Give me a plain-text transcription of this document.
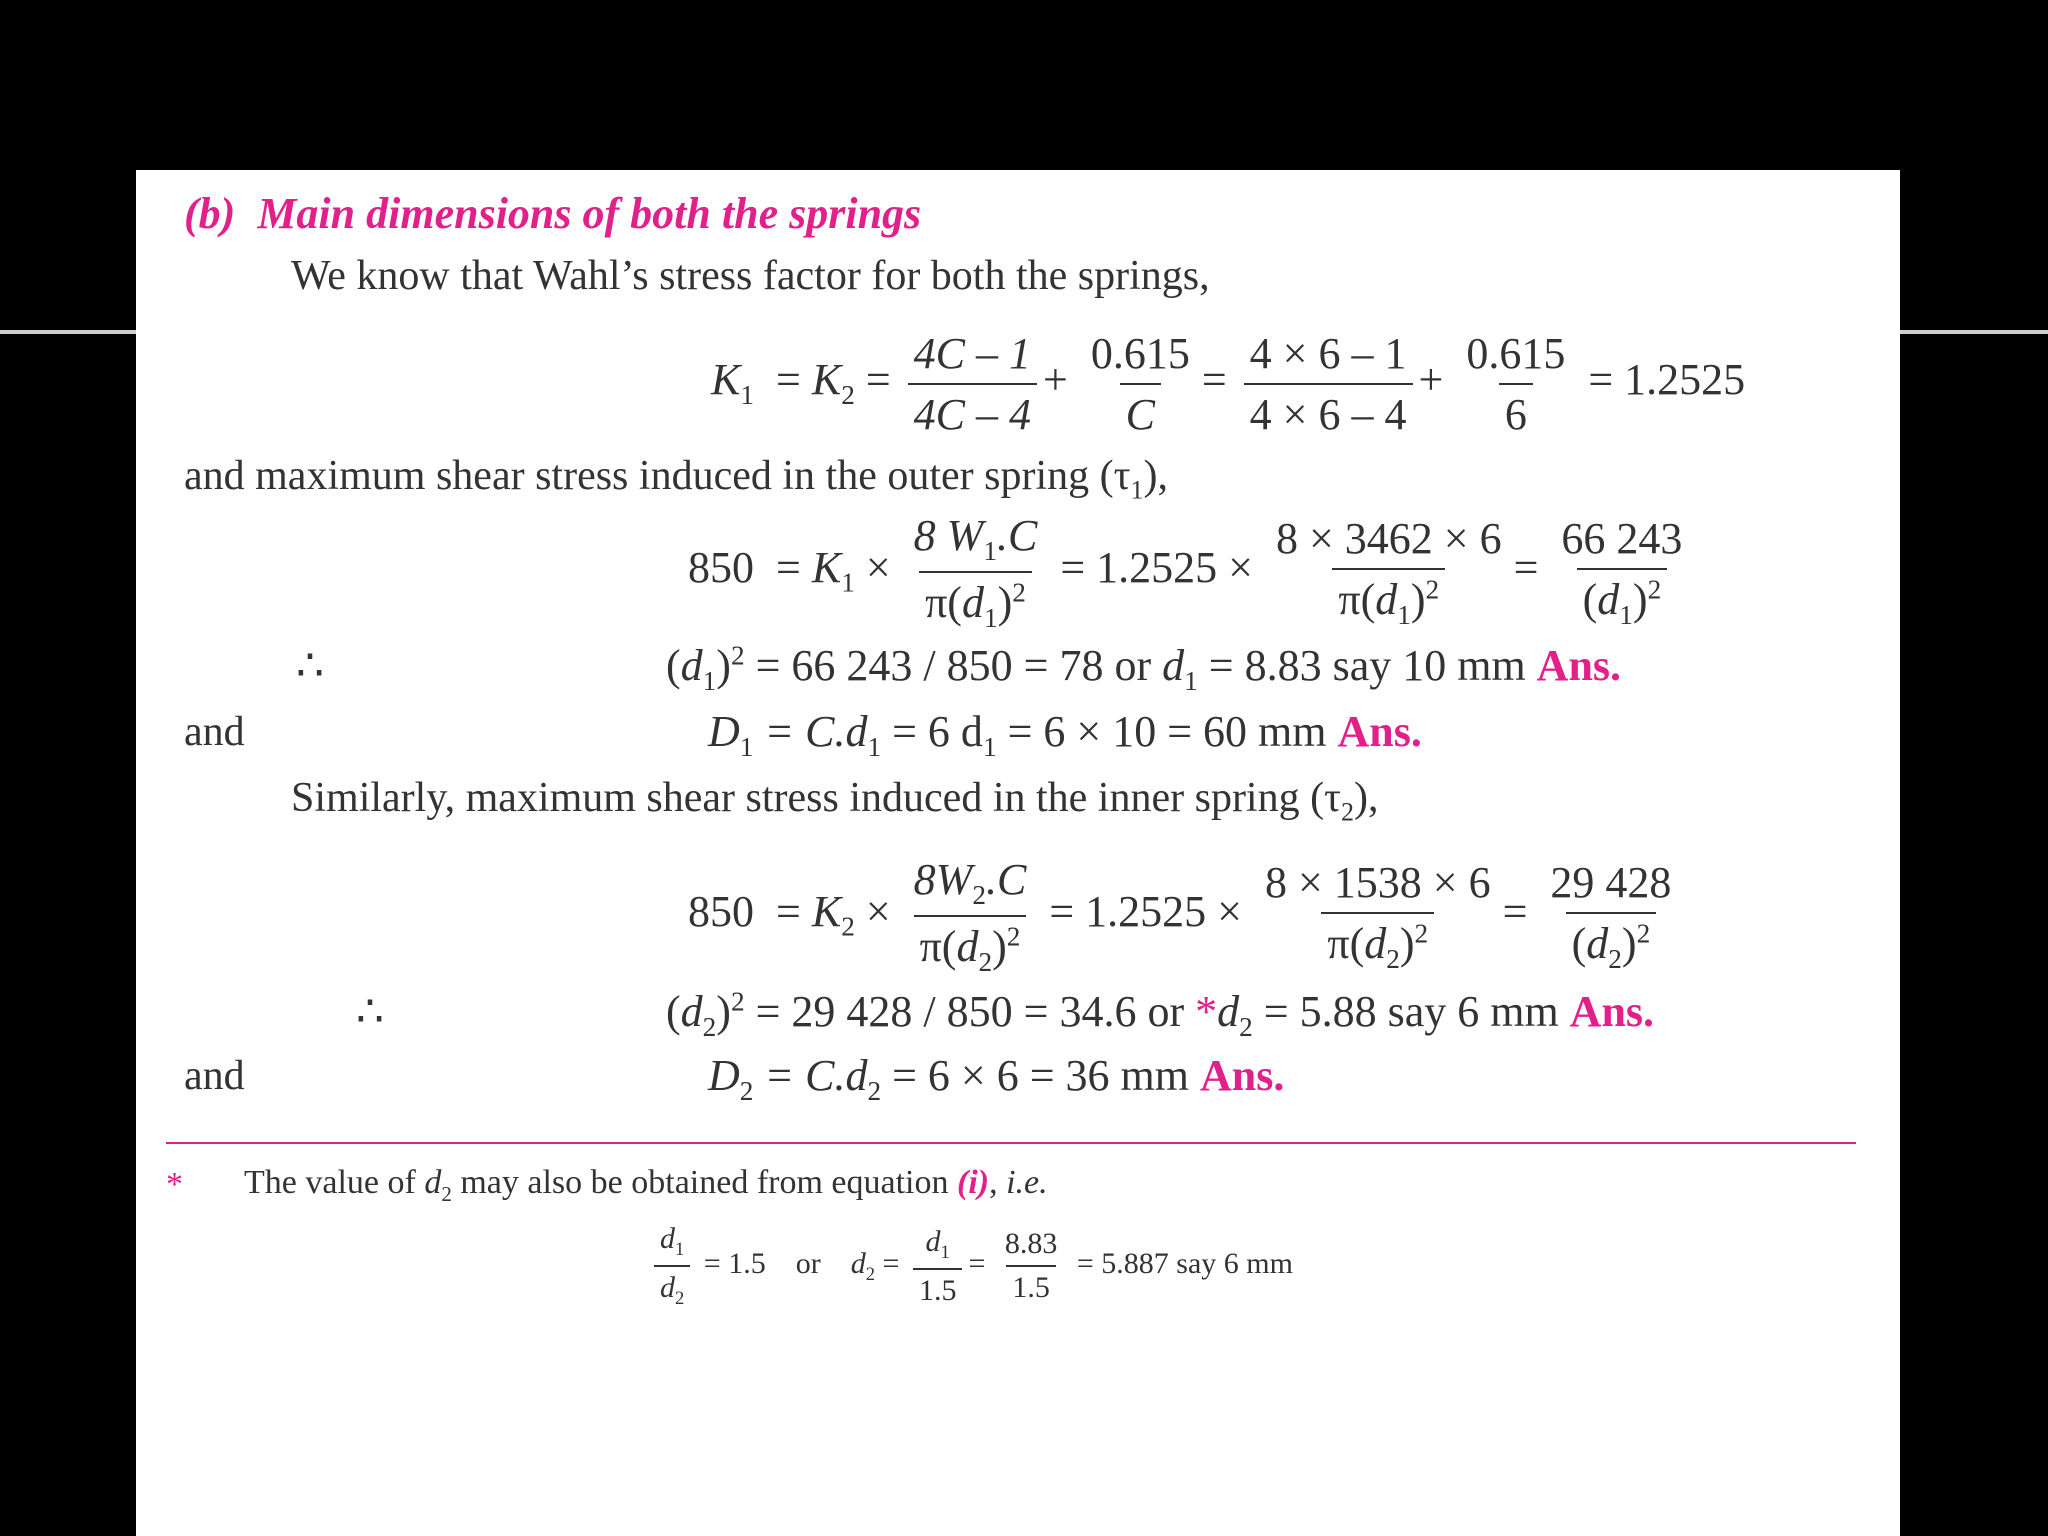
(b) Main dimensions of both the springs
We know that Wahl’s stress factor for both the springs,
$K_1 = K_2 = \frac{4C - 1}{4C - 4} + \frac{0.615}{C} = \frac{4 \times 6 - 1}{4 \times 6 - 4} + \frac{0.615}{6} = 1.2525$
and maximum shear stress induced in the outer spring $(\tau_1)$,
$850 = K_1 \times \frac{8 W_1.C}{\pi(d_1)^2} = 1.2525 \times \frac{8 \times 3462 \times 6}{\pi(d_1)^2} = \frac{66 243}{(d_1)^2}$
∴	$(d_1)^2 = 66$ 243 / 850 = 78 or $d_1 = 8.83$ say 10 mm Ans.
and	$D_1 = C.d_1 = 6$ $d_1 = 6 \times 10 = 60$ mm Ans.
Similarly, maximum shear stress induced in the inner spring $(\tau_2)$,
$850 = K_2 \times \frac{8W_2.C}{\pi(d_2)^2} = 1.2525 \times \frac{8 \times 1538 \times 6}{\pi(d_2)^2} = \frac{29 428}{(d_2)^2}$
∴	$(d_2)^2 = 29$ 428 / 850 = 34.6 or $*d_2 = 5.88$ say 6 mm Ans.
and	$D_2 = C.d_2 = 6 \times 6 = 36$ mm Ans.
* The value of $d_2$ may also be obtained from equation (i), i.e.
$\frac{d_1}{d_2} = 1.5$ or $d_2 = \frac{d_1}{1.5} = \frac{8.83}{1.5} = 5.887$ say 6 mm
